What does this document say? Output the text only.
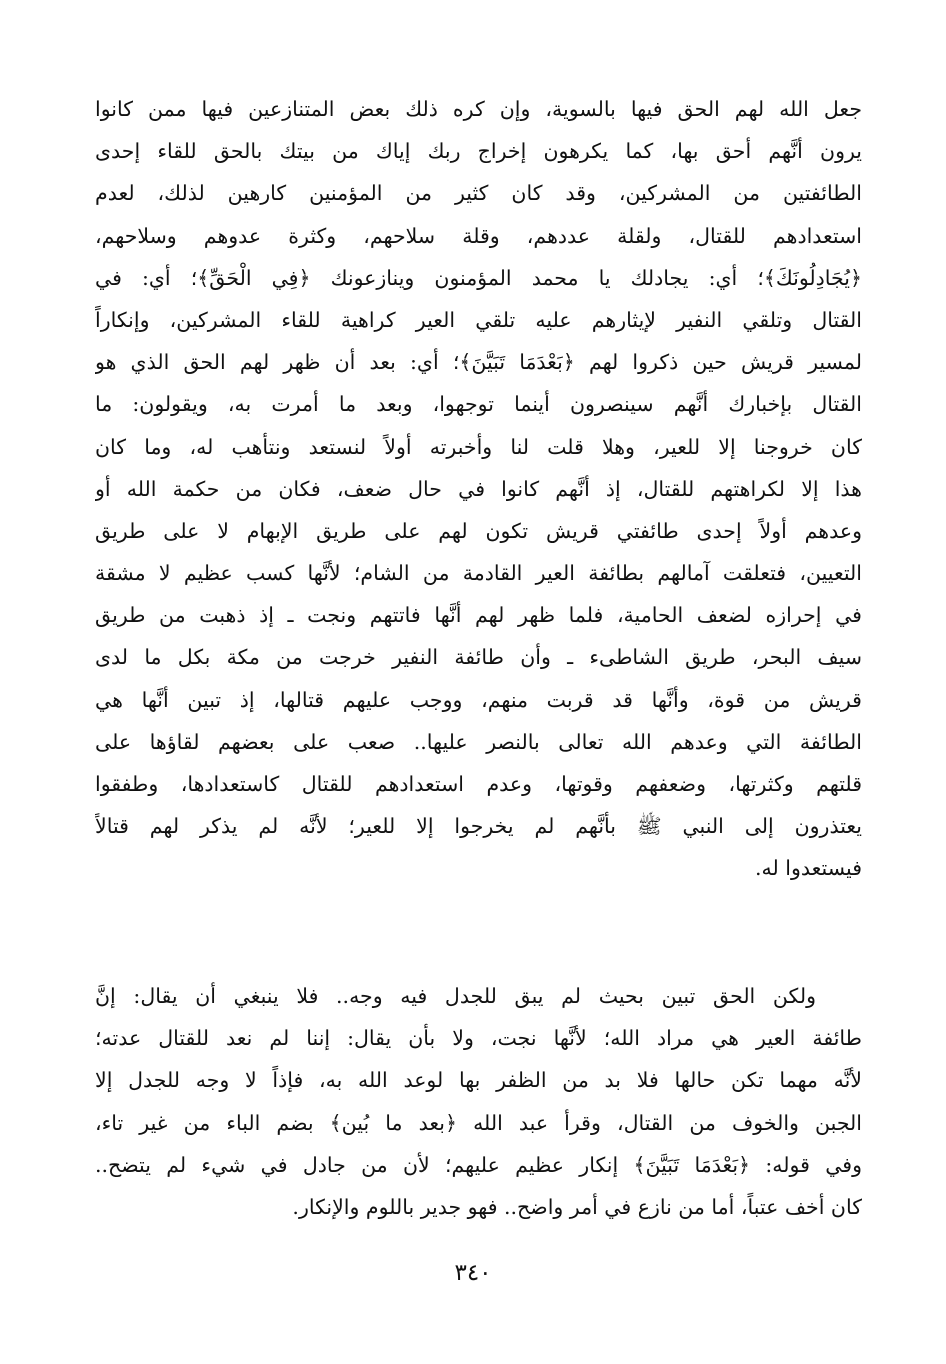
جعل الله لهم الحق فيها بالسوية، وإن كره ذلك بعض المتنازعين فيها ممن كانوا
يرون أنَّهم أحق بها، كما يكرهون إخراج ربك إياك من بيتك بالحق للقاء إحدى
الطائفتين من المشركين، وقد كان كثير من المؤمنين كارهين لذلك، لعدم
استعدادهم للقتال، ولقلة عددهم، وقلة سلاحهم، وكثرة عدوهم وسلاحهم،
﴿يُجَادِلُونَكَ﴾؛ أي: يجادلك يا محمد المؤمنون وينازعونك ﴿فِي الْحَقِّ﴾؛ أي: في
القتال وتلقي النفير لإيثارهم عليه تلقي العير كراهية للقاء المشركين، وإنكاراً
لمسير قريش حين ذكروا لهم ﴿بَعْدَمَا تَبَيَّنَ﴾؛ أي: بعد أن ظهر لهم الحق الذي هو
القتال بإخبارك أنَّهم سينصرون أينما توجهوا، وبعد ما أمرت به، ويقولون: ما
كان خروجنا إلا للعير، وهلا قلت لنا وأخبرته أولاً لنستعد ونتأهب له، وما كان
هذا إلا لكراهتهم للقتال، إذ أنَّهم كانوا في حال ضعف، فكان من حكمة الله أو
وعدهم أولاً إحدى طائفتي قريش تكون لهم على طريق الإبهام لا على طريق
التعيين، فتعلقت آمالهم بطائفة العير القادمة من الشام؛ لأنَّها كسب عظيم لا مشقة
في إحرازه لضعف الحامية، فلما ظهر لهم أنَّها فاتتهم ونجت ـ إذ ذهبت من طريق
سيف البحر، طريق الشاطىء ـ وأن طائفة النفير خرجت من مكة بكل ما لدى
قريش من قوة، وأنَّها قد قربت منهم، ووجب عليهم قتالها، إذ تبين أنَّها هي
الطائفة التي وعدهم الله تعالى بالنصر عليها.. صعب على بعضهم لقاؤها على
قلتهم وكثرتها، وضعفهم وقوتها، وعدم استعدادهم للقتال كاستعدادها، وطفقوا
يعتذرون إلى النبي ﷺ بأنَّهم لم يخرجوا إلا للعير؛ لأنَّه لم يذكر لهم قتالاً
فيستعدوا له.
ولكن الحق تبين بحيث لم يبق للجدل فيه وجه.. فلا ينبغي أن يقال: إنَّ
طائفة العير هي مراد الله؛ لأنَّها نجت، ولا بأن يقال: إننا لم نعد للقتال عدته؛
لأنَّه مهما تكن حالها فلا بد من الظفر بها لوعد الله به، فإذاً لا وجه للجدل إلا
الجبن والخوف من القتال، وقرأ عبد الله ﴿بعد ما بُين﴾ بضم الباء من غير تاء،
وفي قوله: ﴿بَعْدَمَا تَبَيَّنَ﴾ إنكار عظيم عليهم؛ لأن من جادل في شيء لم يتضح..
كان أخف عتباً، أما من نازع في أمر واضح.. فهو جدير باللوم والإنكار.
٣٤٠
